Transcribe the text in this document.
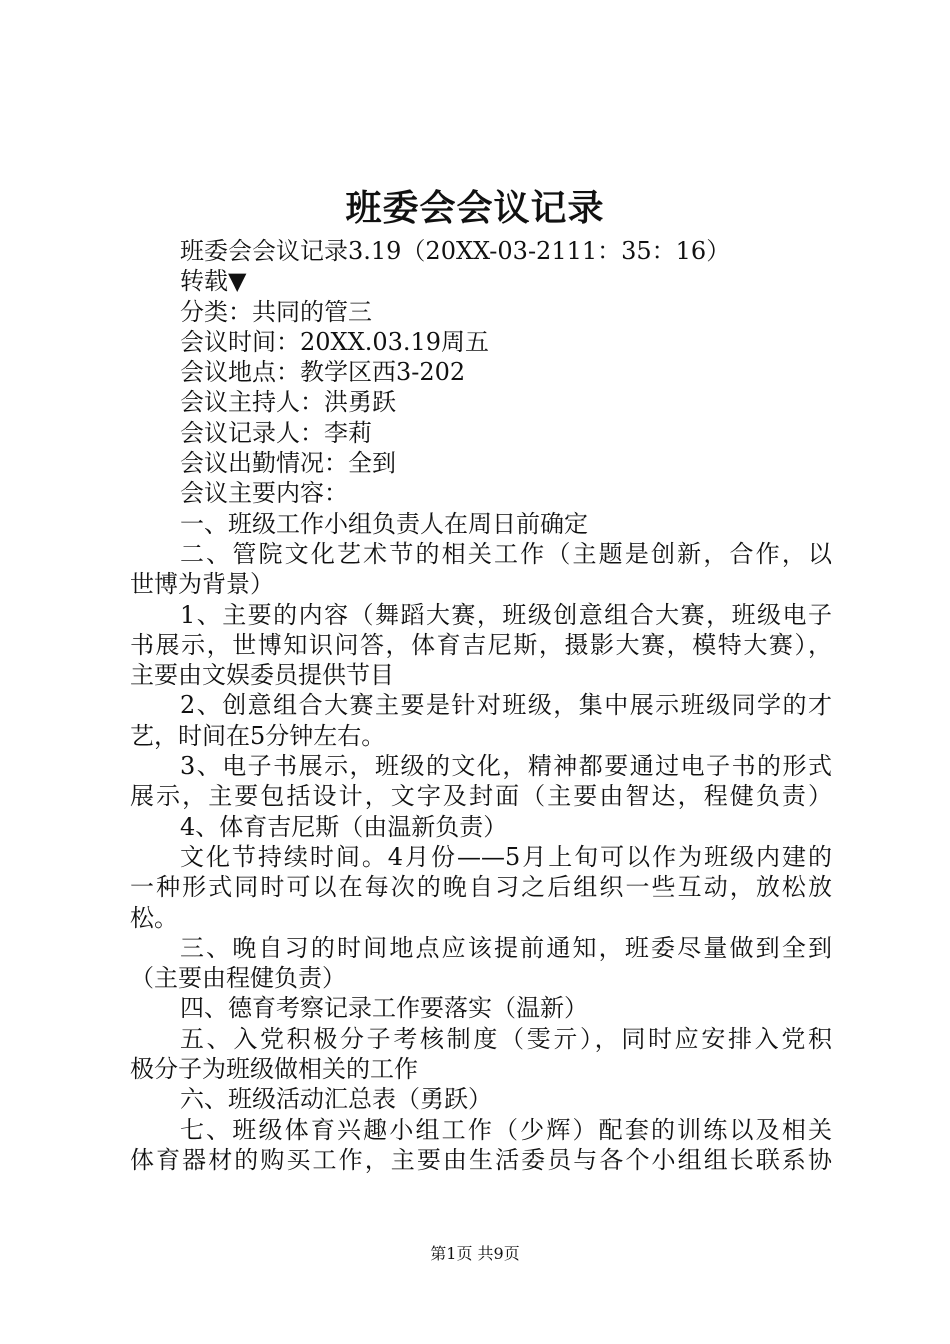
班委会会议记录
班委会会议记录3.19（20XX-03-2111：35：16）
转载▼
分类：共同的管三
会议时间：20XX.03.19周五
会议地点：教学区西3-202
会议主持人：洪勇跃
会议记录人：李莉
会议出勤情况：全到
会议主要内容：
一、班级工作小组负责人在周日前确定
二、管院文化艺术节的相关工作（主题是创新，合作，以
世博为背景）
1、主要的内容（舞蹈大赛，班级创意组合大赛，班级电子
书展示，世博知识问答，体育吉尼斯，摄影大赛，模特大赛），
主要由文娱委员提供节目
2、创意组合大赛主要是针对班级，集中展示班级同学的才
艺，时间在5分钟左右。
3、电子书展示，班级的文化，精神都要通过电子书的形式
展示，主要包括设计，文字及封面（主要由智达，程健负责）
4、体育吉尼斯（由温新负责）
文化节持续时间。4月份——5月上旬可以作为班级内建的
一种形式同时可以在每次的晚自习之后组织一些互动，放松放
松。
三、晚自习的时间地点应该提前通知，班委尽量做到全到
（主要由程健负责）
四、德育考察记录工作要落实（温新）
五、入党积极分子考核制度（雯亓），同时应安排入党积
极分子为班级做相关的工作
六、班级活动汇总表（勇跃）
七、班级体育兴趣小组工作（少辉）配套的训练以及相关
体育器材的购买工作，主要由生活委员与各个小组组长联系协
第1页 共9页
